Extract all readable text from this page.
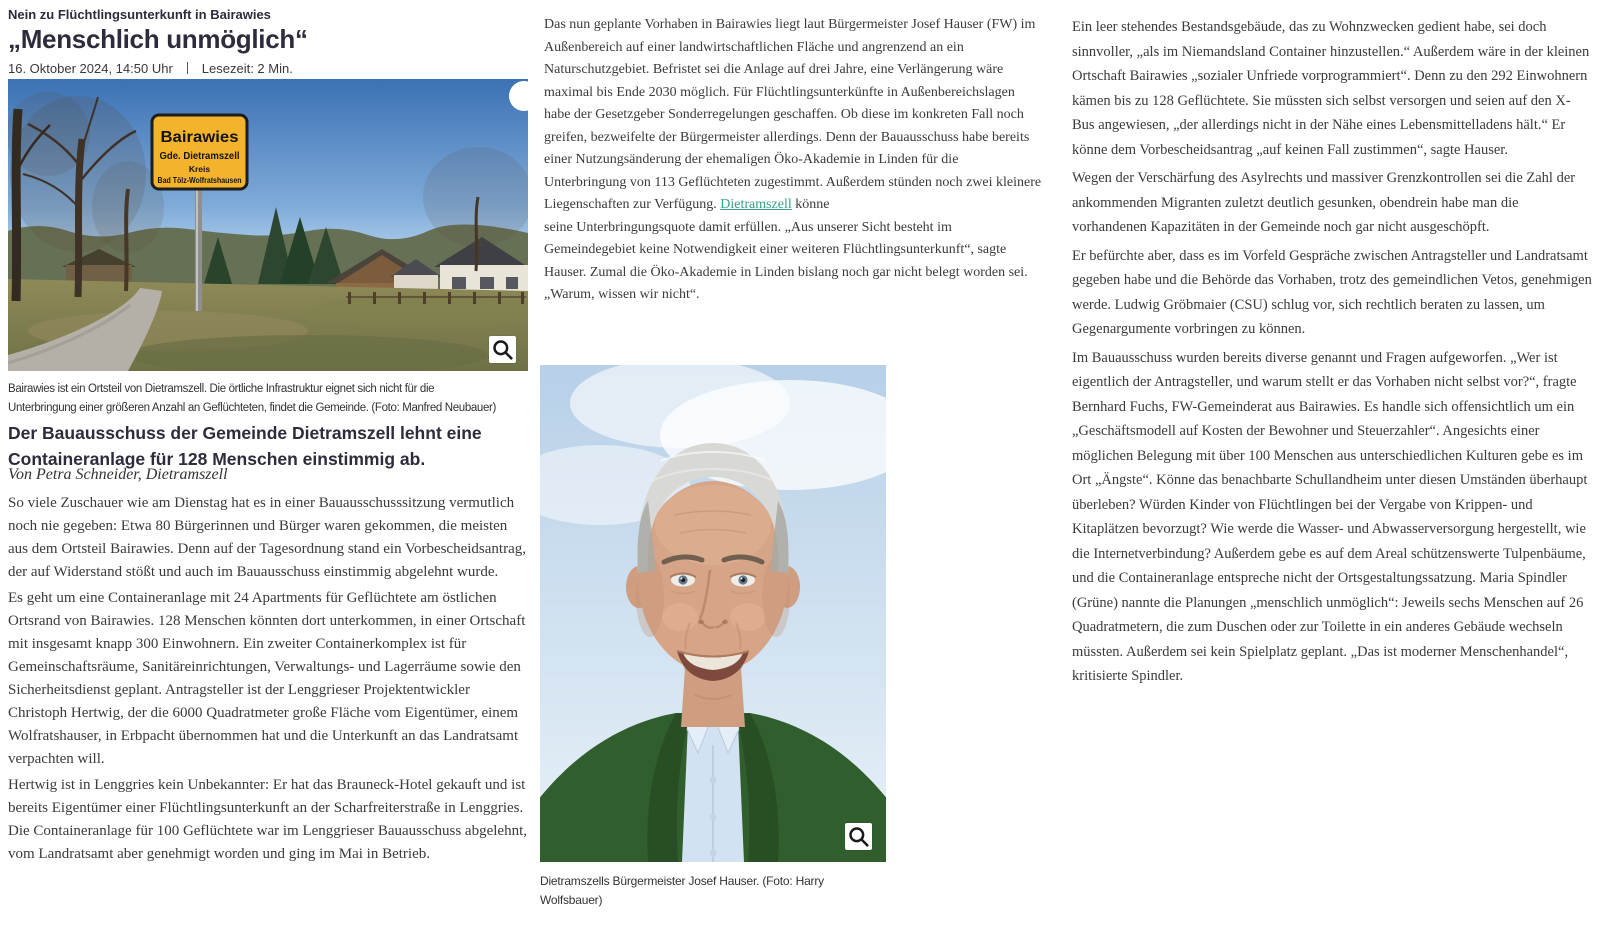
Nein zu Flüchtlingsunterkunft in Bairawies
„Menschlich unmöglich“
16. Oktober 2024, 14:50 Uhr Lesezeit: 2 Min.
Bairawies
Gde. Dietramszell
Kreis
Bad Tölz-Wolfratshausen
Bairawies ist ein Ortsteil von Dietramszell. Die örtliche Infrastruktur eignet sich nicht für die
Unterbringung einer größeren Anzahl an Geflüchteten, findet die Gemeinde. (Foto: Manfred Neubauer)
Der Bauausschuss der Gemeinde Dietramszell lehnt eine Containeranlage für 128 Menschen einstimmig ab.
Von Petra Schneider, Dietramszell

So viele Zuschauer wie am Dienstag hat es in einer Bauausschusssitzung vermutlich noch nie gegeben: Etwa 80 Bürgerinnen und Bürger waren gekommen, die meisten aus dem Ortsteil Bairawies. Denn auf der Tagesordnung stand ein Vorbescheidsantrag, der auf Widerstand stößt und auch im Bauausschuss einstimmig abgelehnt wurde.

Es geht um eine Containeranlage mit 24 Apartments für Geflüchtete am östlichen Ortsrand von Bairawies. 128 Menschen könnten dort unterkommen, in einer Ortschaft mit insgesamt knapp 300 Einwohnern. Ein zweiter Containerkomplex ist für Gemeinschaftsräume, Sanitäreinrichtungen, Verwaltungs- und Lagerräume sowie den Sicherheitsdienst geplant. Antragsteller ist der Lenggrieser Projektentwickler Christoph Hertwig, der die 6000 Quadratmeter große Fläche vom Eigentümer, einem Wolfratshauser, in Erbpacht übernommen hat und die Unterkunft an das Landratsamt verpachten will.

Hertwig ist in Lenggries kein Unbekannter: Er hat das Brauneck-Hotel gekauft und ist bereits Eigentümer einer Flüchtlingsunterkunft an der Scharfreiterstraße in Lenggries. Die Containeranlage für 100 Geflüchtete war im Lenggrieser Bauausschuss abgelehnt, vom Landratsamt aber genehmigt worden und ging im Mai in Betrieb.

Das nun geplante Vorhaben in Bairawies liegt laut Bürgermeister Josef Hauser (FW) im Außenbereich auf einer landwirtschaftlichen Fläche und angrenzend an ein Naturschutzgebiet. Befristet sei die Anlage auf drei Jahre, eine Verlängerung wäre maximal bis Ende 2030 möglich. Für Flüchtlingsunterkünfte in Außenbereichslagen habe der Gesetzgeber Sonderregelungen geschaffen. Ob diese im konkreten Fall noch greifen, bezweifelte der Bürgermeister allerdings. Denn der Bauausschuss habe bereits einer Nutzungsänderung der ehemaligen Öko-Akademie in Linden für die Unterbringung von 113 Geflüchteten zugestimmt. Außerdem stünden noch zwei kleinere Liegenschaften zur Verfügung. Dietramszell könne
seine Unterbringungsquote damit erfüllen. „Aus unserer Sicht besteht im Gemeindegebiet keine Notwendigkeit einer weiteren Flüchtlingsunterkunft“, sagte Hauser. Zumal die Öko-Akademie in Linden bislang noch gar nicht belegt worden sei. „Warum, wissen wir nicht“.

Dietramszells Bürgermeister Josef Hauser. (Foto: Harry
Wolfsbauer)

Ein leer stehendes Bestandsgebäude, das zu Wohnzwecken gedient habe, sei doch sinnvoller, „als im Niemandsland Container hinzustellen.“ Außerdem wäre in der kleinen Ortschaft Bairawies „sozialer Unfriede vorprogrammiert“. Denn zu den 292 Einwohnern kämen bis zu 128 Geflüchtete. Sie müssten sich selbst versorgen und seien auf den X-Bus angewiesen, „der allerdings nicht in der Nähe eines Lebensmittelladens hält.“ Er könne dem Vorbescheidsantrag „auf keinen Fall zustimmen“, sagte Hauser.

Wegen der Verschärfung des Asylrechts und massiver Grenzkontrollen sei die Zahl der ankommenden Migranten zuletzt deutlich gesunken, obendrein habe man die vorhandenen Kapazitäten in der Gemeinde noch gar nicht ausgeschöpft.

Er befürchte aber, dass es im Vorfeld Gespräche zwischen Antragsteller und Landratsamt gegeben habe und die Behörde das Vorhaben, trotz des gemeindlichen Vetos, genehmigen werde. Ludwig Gröbmaier (CSU) schlug vor, sich rechtlich beraten zu lassen, um Gegenargumente vorbringen zu können.

Im Bauausschuss wurden bereits diverse genannt und Fragen aufgeworfen. „Wer ist eigentlich der Antragsteller, und warum stellt er das Vorhaben nicht selbst vor?“, fragte Bernhard Fuchs, FW-Gemeinderat aus Bairawies. Es handle sich offensichtlich um ein „Geschäftsmodell auf Kosten der Bewohner und Steuerzahler“. Angesichts einer möglichen Belegung mit über 100 Menschen aus unterschiedlichen Kulturen gebe es im Ort „Ängste“. Könne das benachbarte Schullandheim unter diesen Umständen überhaupt überleben? Würden Kinder von Flüchtlingen bei der Vergabe von Krippen- und Kitaplätzen bevorzugt? Wie werde die Wasser- und Abwasserversorgung hergestellt, wie die Internetverbindung? Außerdem gebe es auf dem Areal schützenswerte Tulpenbäume, und die Containeranlage entspreche nicht der Ortsgestaltungssatzung. Maria Spindler (Grüne) nannte die Planungen „menschlich unmöglich“: Jeweils sechs Menschen auf 26 Quadratmetern, die zum Duschen oder zur Toilette in ein anderes Gebäude wechseln müssten. Außerdem sei kein Spielplatz geplant. „Das ist moderner Menschenhandel“, kritisierte Spindler.
